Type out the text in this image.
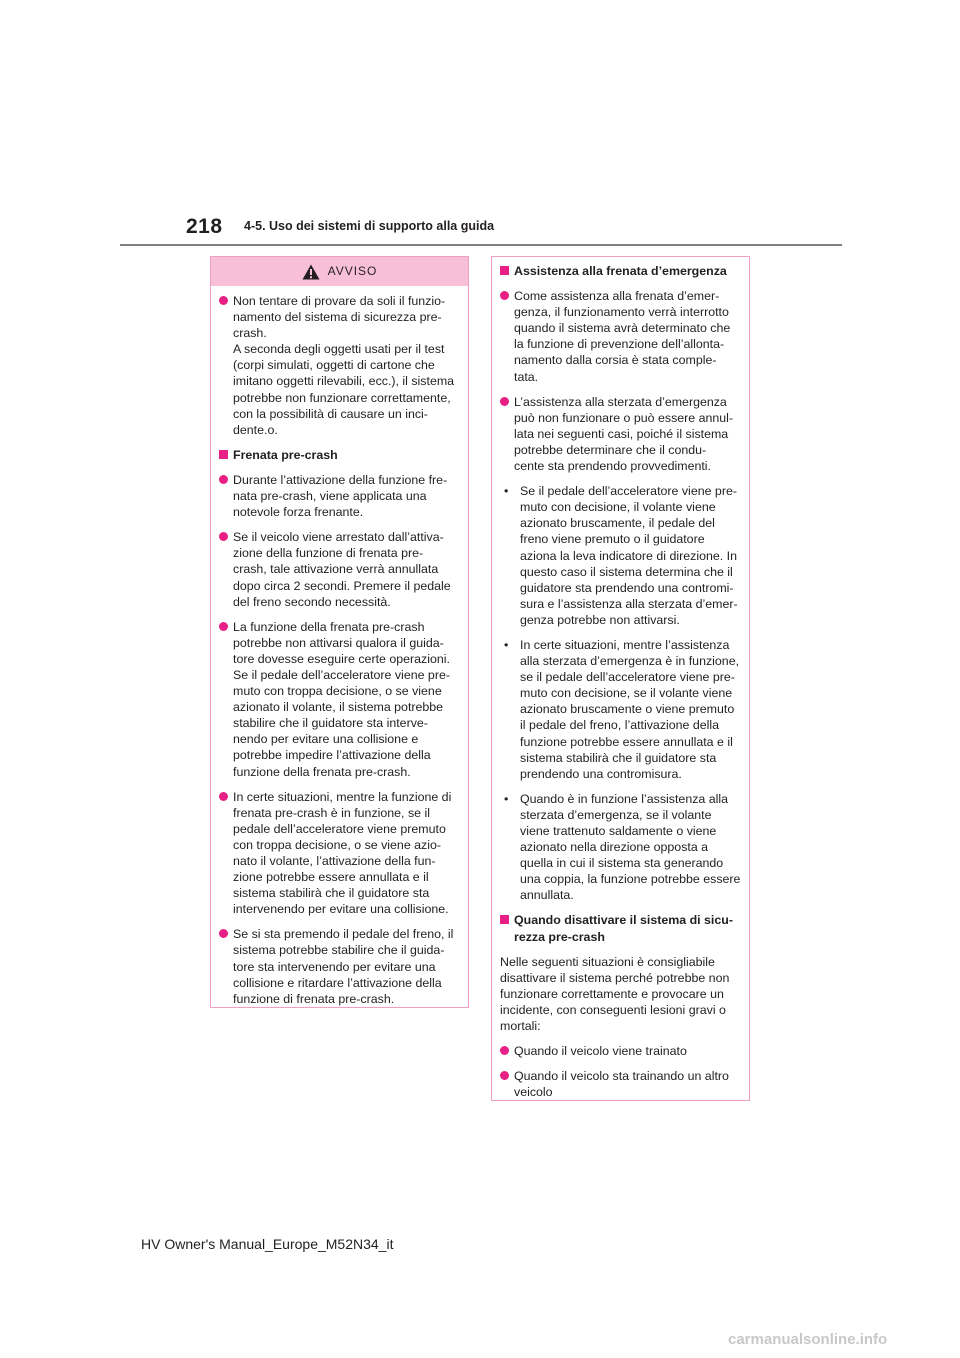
218 4-5. Uso dei sistemi di supporto alla guida
AVVISO
Non tentare di provare da soli il funzio-
namento del sistema di sicurezza pre-
crash.
A seconda degli oggetti usati per il test
(corpi simulati, oggetti di cartone che
imitano oggetti rilevabili, ecc.), il sistema
potrebbe non funzionare correttamente,
con la possibilità di causare un inci-
dente.o.
Frenata pre-crash
Durante l’attivazione della funzione fre-
nata pre-crash, viene applicata una
notevole forza frenante.
Se il veicolo viene arrestato dall’attiva-
zione della funzione di frenata pre-
crash, tale attivazione verrà annullata
dopo circa 2 secondi. Premere il pedale
del freno secondo necessità.
La funzione della frenata pre-crash
potrebbe non attivarsi qualora il guida-
tore dovesse eseguire certe operazioni.
Se il pedale dell’acceleratore viene pre-
muto con troppa decisione, o se viene
azionato il volante, il sistema potrebbe
stabilire che il guidatore sta interve-
nendo per evitare una collisione e
potrebbe impedire l’attivazione della
funzione della frenata pre-crash.
In certe situazioni, mentre la funzione di
frenata pre-crash è in funzione, se il
pedale dell’acceleratore viene premuto
con troppa decisione, o se viene azio-
nato il volante, l’attivazione della fun-
zione potrebbe essere annullata e il
sistema stabilirà che il guidatore sta
intervenendo per evitare una collisione.
Se si sta premendo il pedale del freno, il
sistema potrebbe stabilire che il guida-
tore sta intervenendo per evitare una
collisione e ritardare l’attivazione della
funzione di frenata pre-crash.
Assistenza alla frenata d’emergenza
Come assistenza alla frenata d’emer-
genza, il funzionamento verrà interrotto
quando il sistema avrà determinato che
la funzione di prevenzione dell’allonta-
namento dalla corsia è stata comple-
tata.
L’assistenza alla sterzata d’emergenza
può non funzionare o può essere annul-
lata nei seguenti casi, poiché il sistema
potrebbe determinare che il condu-
cente sta prendendo provvedimenti.
• Se il pedale dell’acceleratore viene pre-
muto con decisione, il volante viene
azionato bruscamente, il pedale del
freno viene premuto o il guidatore
aziona la leva indicatore di direzione. In
questo caso il sistema determina che il
guidatore sta prendendo una contromi-
sura e l’assistenza alla sterzata d’emer-
genza potrebbe non attivarsi.
• In certe situazioni, mentre l’assistenza
alla sterzata d’emergenza è in funzione,
se il pedale dell’acceleratore viene pre-
muto con decisione, se il volante viene
azionato bruscamente o viene premuto
il pedale del freno, l’attivazione della
funzione potrebbe essere annullata e il
sistema stabilirà che il guidatore sta
prendendo una contromisura.
• Quando è in funzione l’assistenza alla
sterzata d’emergenza, se il volante
viene trattenuto saldamente o viene
azionato nella direzione opposta a
quella in cui il sistema sta generando
una coppia, la funzione potrebbe essere
annullata.
Quando disattivare il sistema di sicu-
rezza pre-crash
Nelle seguenti situazioni è consigliabile
disattivare il sistema perché potrebbe non
funzionare correttamente e provocare un
incidente, con conseguenti lesioni gravi o
mortali:
Quando il veicolo viene trainato
Quando il veicolo sta trainando un altro
veicolo
HV Owner's Manual_Europe_M52N34_it
carmanualsonline.info
